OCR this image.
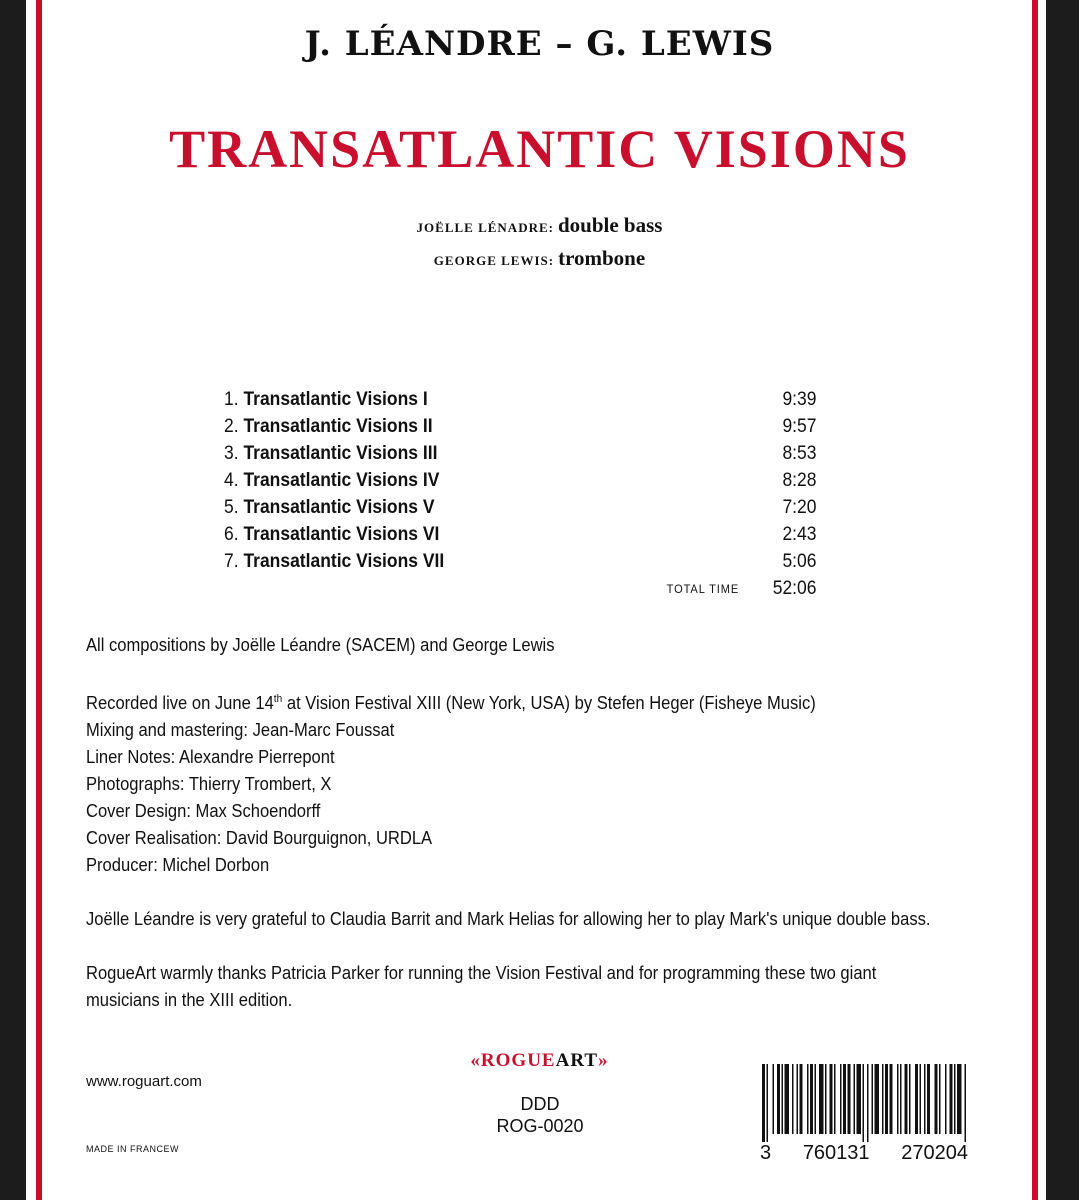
J. LÉANDRE – G. LEWIS
TRANSATLANTIC VISIONS
JOËLLE LÉNADRE: double bass
GEORGE LEWIS: trombone
1. Transatlantic Visions I	9:39
2. Transatlantic Visions II	9:57
3. Transatlantic Visions III	8:53
4. Transatlantic Visions IV	8:28
5. Transatlantic Visions V	7:20
6. Transatlantic Visions VI	2:43
7. Transatlantic Visions VII	5:06
TOTAL TIME 52:06

All compositions by Joëlle Léandre (SACEM) and George Lewis

Recorded live on June 14th at Vision Festival XIII (New York, USA) by Stefen Heger (Fisheye Music)

Mixing and mastering: Jean-Marc Foussat

Liner Notes: Alexandre Pierrepont

Photographs: Thierry Trombert, X

Cover Design: Max Schoendorff

Cover Realisation: David Bourguignon, URDLA

Producer: Michel Dorbon

Joëlle Léandre is very grateful to Claudia Barrit and Mark Helias for allowing her to play Mark's unique double bass.

RogueArt warmly thanks Patricia Parker for running the Vision Festival and for programming these two giant

musicians in the XIII edition.

«ROGUEART»
www.roguart.com
MADE IN FRANCEW
DDD
ROG-0020
3 760131 270204
